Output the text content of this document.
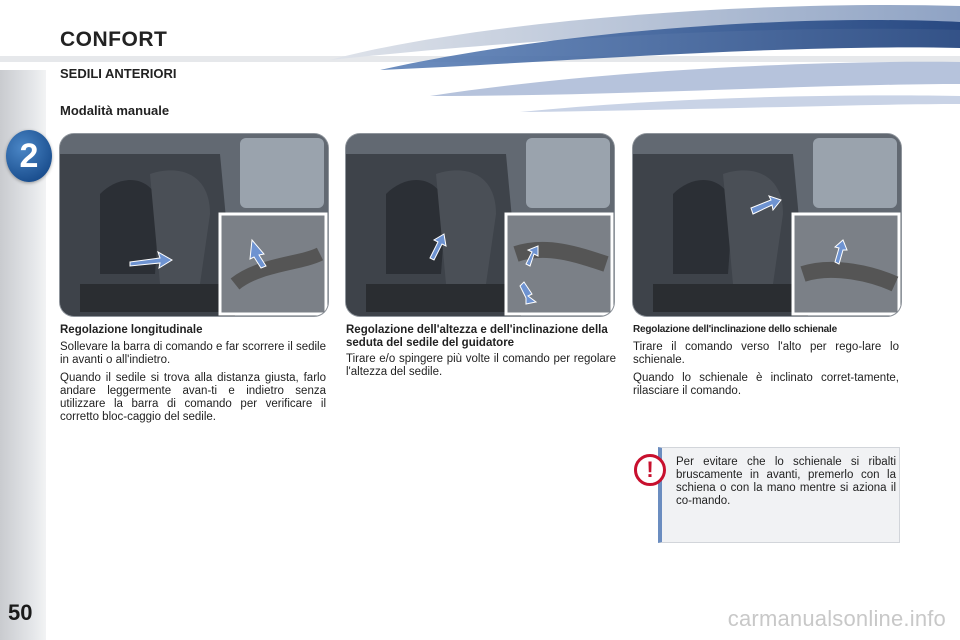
2
50
CONFORT
SEDILI ANTERIORI
Modalità manuale
Regolazione longitudinale

Sollevare la barra di comando e far scorrere il sedile in avanti o all'indietro.

Quando il sedile si trova alla distanza giusta, farlo andare leggermente avan-ti e indietro senza utilizzare la barra di comando per verificare il corretto bloc-caggio del sedile.

Regolazione dell'altezza e dell'inclinazione della seduta del sedile del guidatore

Tirare e/o spingere più volte il comando per regolare l'altezza del sedile.

Regolazione dell'inclinazione dello schienale

Tirare il comando verso l'alto per rego-lare lo schienale.

Quando lo schienale è inclinato corret-tamente, rilasciare il comando.

!	Per evitare che lo schienale si ribalti bruscamente in avanti, premerlo con la schiena o con la mano mentre si aziona il co-mando.
carmanualsonline.info
